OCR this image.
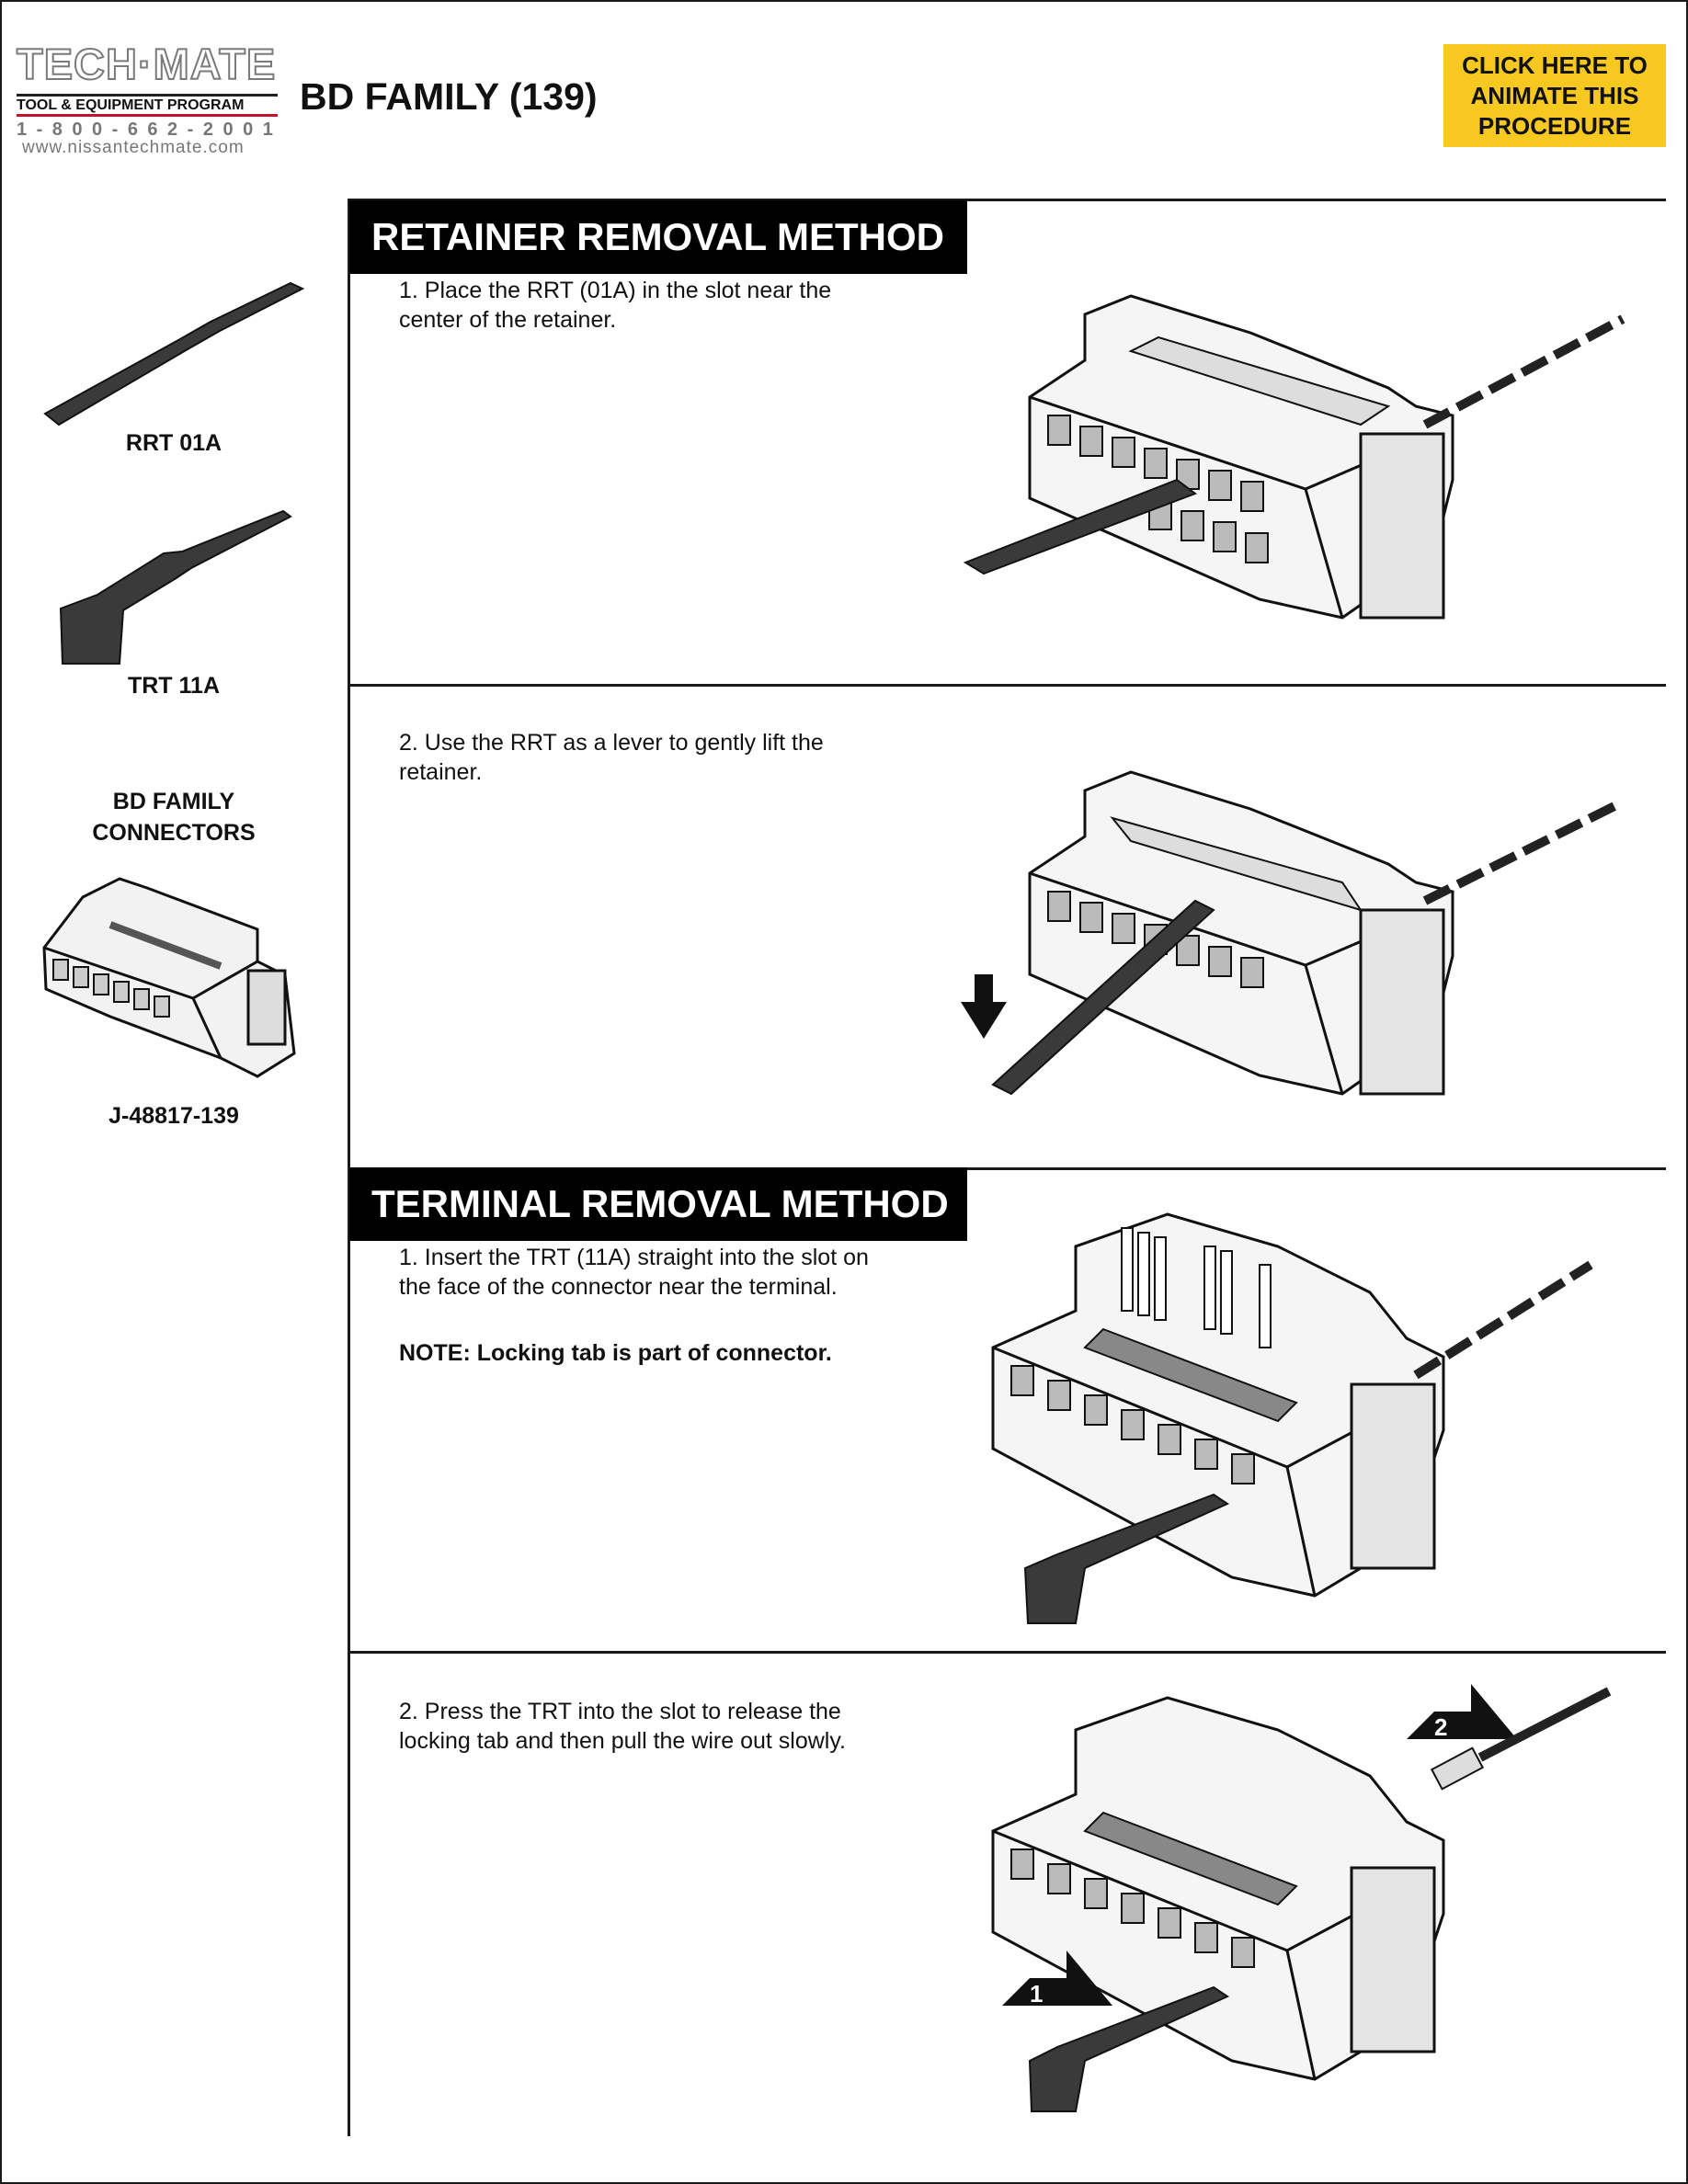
TECH·MATE
TOOL & EQUIPMENT PROGRAM
1-800-662-2001
www.nissantechmate.com
BD FAMILY (139)
CLICK HERE TO ANIMATE THIS PROCEDURE
RRT 01A
TRT 11A
BD FAMILY
CONNECTORS
J-48817-139
RETAINER REMOVAL METHOD
1. Place the RRT (01A) in the slot near the center of the retainer.
2. Use the RRT as a lever to gently lift the retainer.
TERMINAL REMOVAL METHOD
1. Insert the TRT (11A) straight into the slot on the face of the connector near the terminal.
NOTE: Locking tab is part of connector.
2. Press the TRT into the slot to release the locking tab and then pull the wire out slowly.
1
2
